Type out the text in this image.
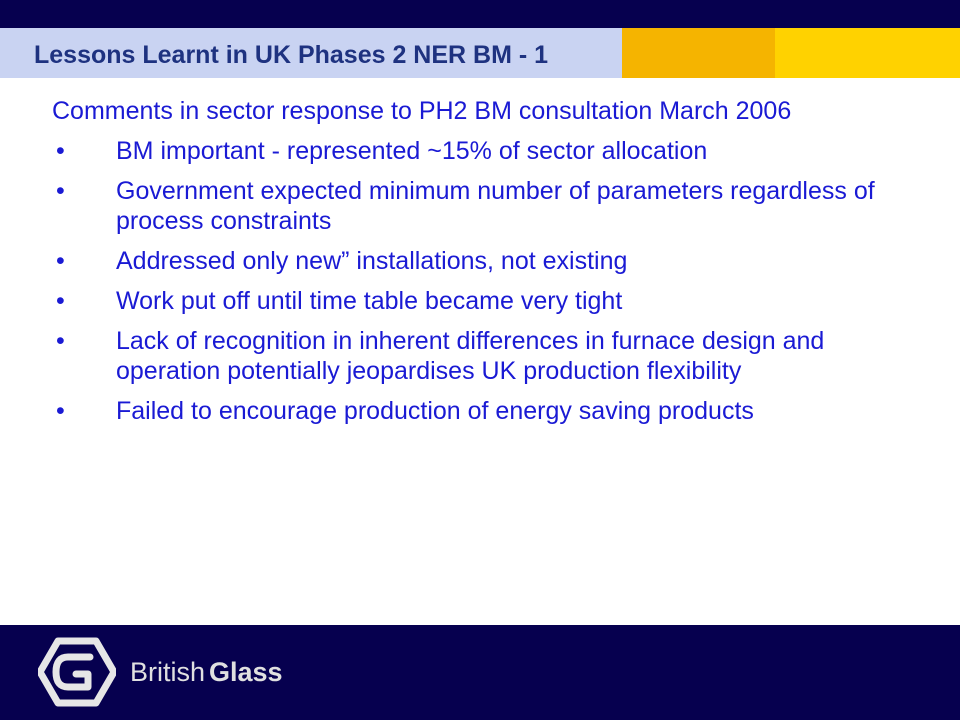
Lessons Learnt in UK Phases 2 NER BM - 1

Comments in sector response to PH2 BM consultation March 2006

• BM important - represented ~15% of sector allocation
• Government expected minimum number of parameters regardless of process constraints
• Addressed only new” installations, not existing
• Work put off until time table became very tight
• Lack of recognition in inherent differences in furnace design and operation potentially jeopardises UK production flexibility
• Failed to encourage production of energy saving products
British Glass
